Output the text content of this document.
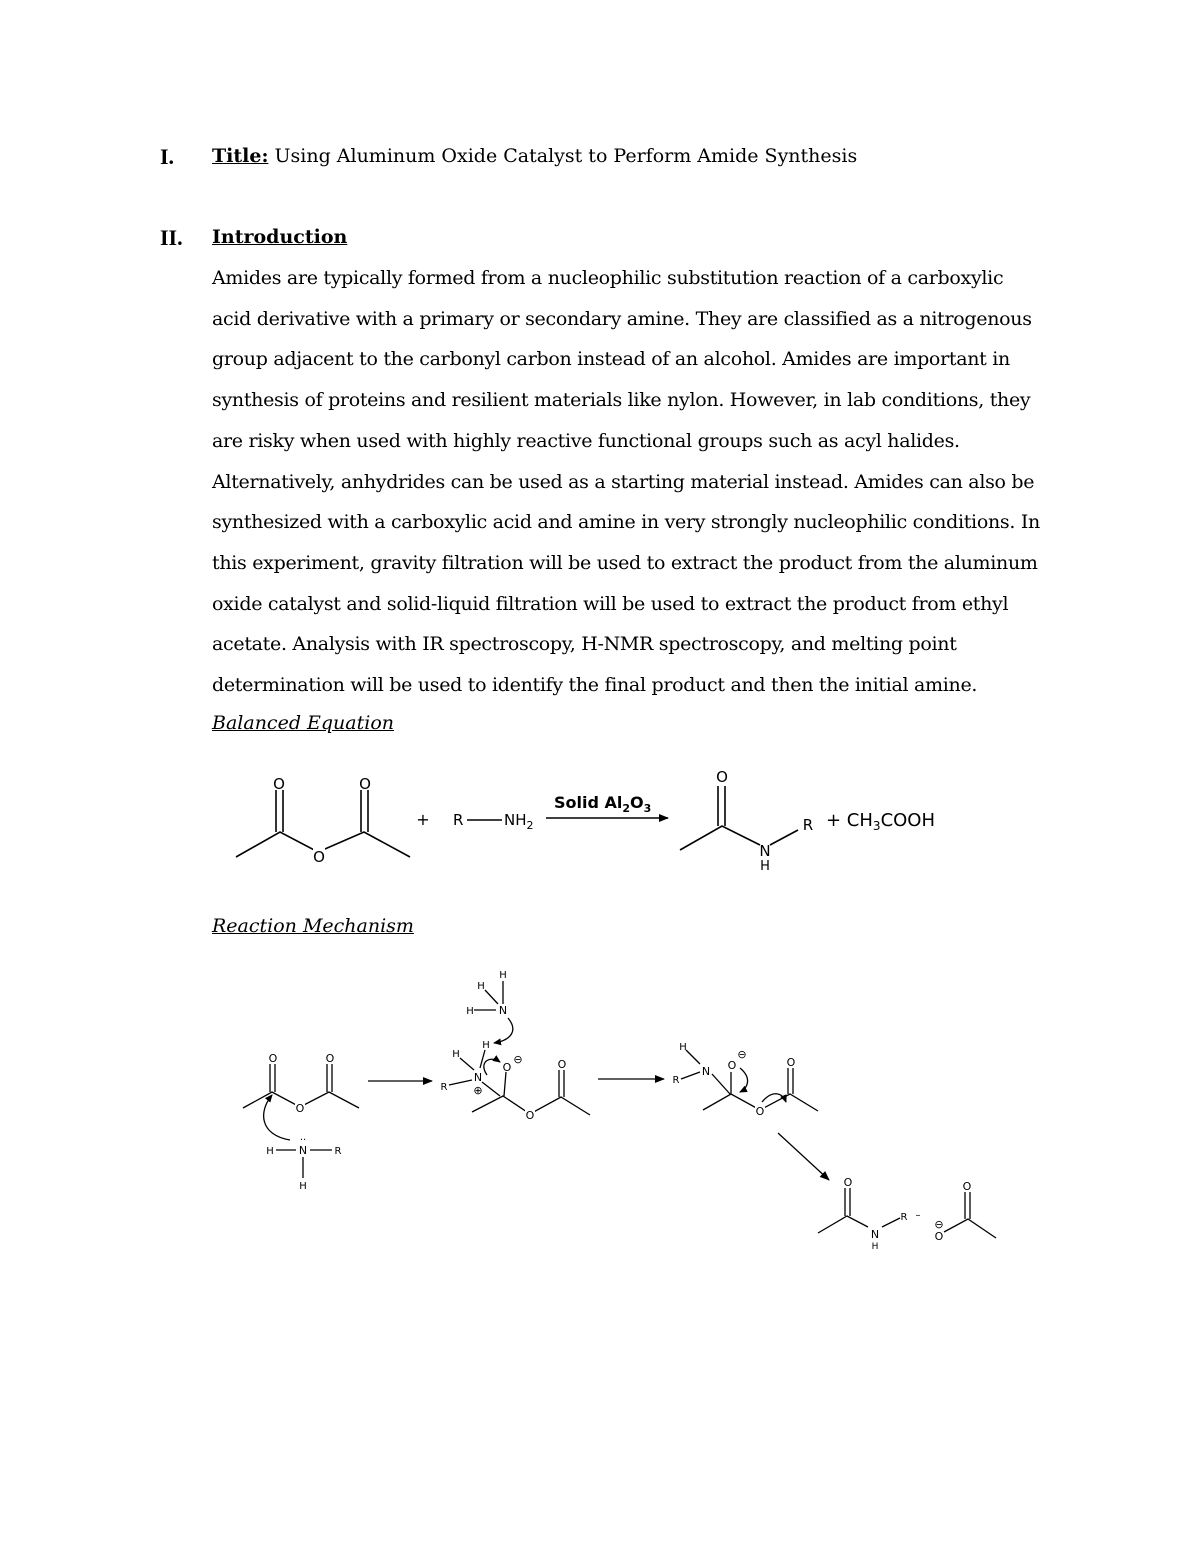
I. Title: Using Aluminum Oxide Catalyst to Perform Amide Synthesis
II. Introduction
Amides are typically formed from a nucleophilic substitution reaction of a carboxylic
acid derivative with a primary or secondary amine. They are classified as a nitrogenous
group adjacent to the carbonyl carbon instead of an alcohol. Amides are important in
synthesis of proteins and resilient materials like nylon. However, in lab conditions, they
are risky when used with highly reactive functional groups such as acyl halides.
Alternatively, anhydrides can be used as a starting material instead. Amides can also be
synthesized with a carboxylic acid and amine in very strongly nucleophilic conditions. In
this experiment, gravity filtration will be used to extract the product from the aluminum
oxide catalyst and solid-liquid filtration will be used to extract the product from ethyl
acetate. Analysis with IR spectroscopy, H-NMR spectroscopy, and melting point
determination will be used to identify the final product and then the initial amine.
Balanced Equation
Reaction Mechanism
O	O
O
+ R	$NH_2$
Solid $Al_2O_3$
O
N
H
$R + CH_3COOH$
O	O
O
H N
··
R
H
H
H
H N
H
H
R
N
⊕
O
⊖	O
O
H
R
N O
⊖
O
O
O
N
H
R –
O
O
⊖
